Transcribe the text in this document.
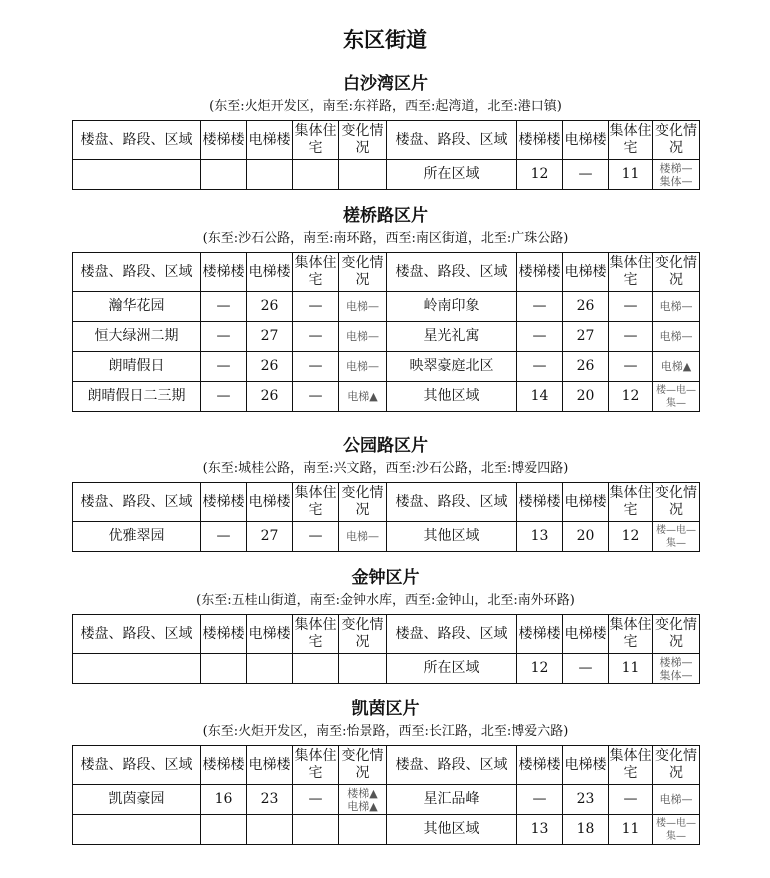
东区街道
白沙湾区片
(东至:火炬开发区，南至:东祥路，西至:起湾道，北至:港口镇)
楼盘、路段、区域	楼梯楼	电梯楼	集体住宅	变化情况	楼盘、路段、区域	楼梯楼	电梯楼	集体住宅	变化情况
					所在区域	12	—	11	楼梯—
集体—
槎桥路区片
(东至:沙石公路，南至:南环路，西至:南区街道，北至:广珠公路)
楼盘、路段、区域	楼梯楼	电梯楼	集体住宅	变化情况	楼盘、路段、区域	楼梯楼	电梯楼	集体住宅	变化情况
瀚华花园	—	26	—	电梯—	岭南印象	—	26	—	电梯—
恒大绿洲二期	—	27	—	电梯—	星光礼寓	—	27	—	电梯—
朗晴假日	—	26	—	电梯—	映翠豪庭北区	—	26	—	电梯▲
朗晴假日二三期	—	26	—	电梯▲	其他区域	14	20	12	楼—电—
集—
公园路区片
(东至:城桂公路，南至:兴文路，西至:沙石公路，北至:博爱四路)
楼盘、路段、区域	楼梯楼	电梯楼	集体住宅	变化情况	楼盘、路段、区域	楼梯楼	电梯楼	集体住宅	变化情况
优雅翠园	—	27	—	电梯—	其他区域	13	20	12	楼—电—
集—
金钟区片
(东至:五桂山街道，南至:金钟水库，西至:金钟山，北至:南外环路)
楼盘、路段、区域	楼梯楼	电梯楼	集体住宅	变化情况	楼盘、路段、区域	楼梯楼	电梯楼	集体住宅	变化情况
					所在区域	12	—	11	楼梯—
集体—
凯茵区片
(东至:火炬开发区，南至:怡景路，西至:长江路，北至:博爱六路)
楼盘、路段、区域	楼梯楼	电梯楼	集体住宅	变化情况	楼盘、路段、区域	楼梯楼	电梯楼	集体住宅	变化情况
凯茵豪园	16	23	—	楼梯▲
电梯▲	星汇品峰	—	23	—	电梯—
					其他区域	13	18	11	楼—电—
集—
